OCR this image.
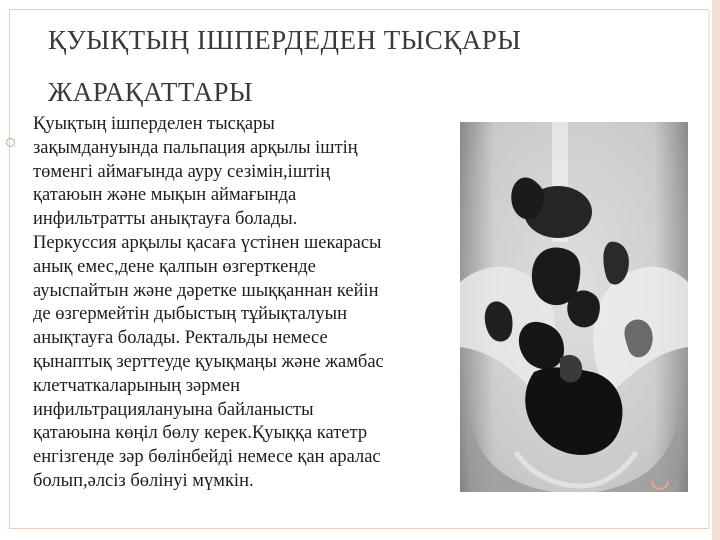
ҚУЫҚТЫҢ ІШПЕРДЕДЕН ТЫСҚАРЫ
ЖАРАҚАТТАРЫ
Қуықтың ішперделен тысқары
зақымдануында пальпация арқылы іштің
төменгі аймағында ауру сезімін,іштің
қатаюын және мықын аймағында
инфильтратты анықтауға болады.
Перкуссия арқылы қасаға үстінен шекарасы
анық емес,дене қалпын өзгерткенде
ауыспайтын және дәретке шыққаннан кейін
де өзгермейтін дыбыстың тұйықталуын
анықтауға болады. Ректальды немесе
қынаптық зерттеуде қуықмаңы және жамбас
клетчаткаларының зәрмен
инфильтрациялануына байланысты
қатаюына көңіл бөлу керек.Қуыққа катетр
енгізгенде зәр бөлінбейді немесе қан аралас
болып,әлсіз бөлінуі мүмкін.
